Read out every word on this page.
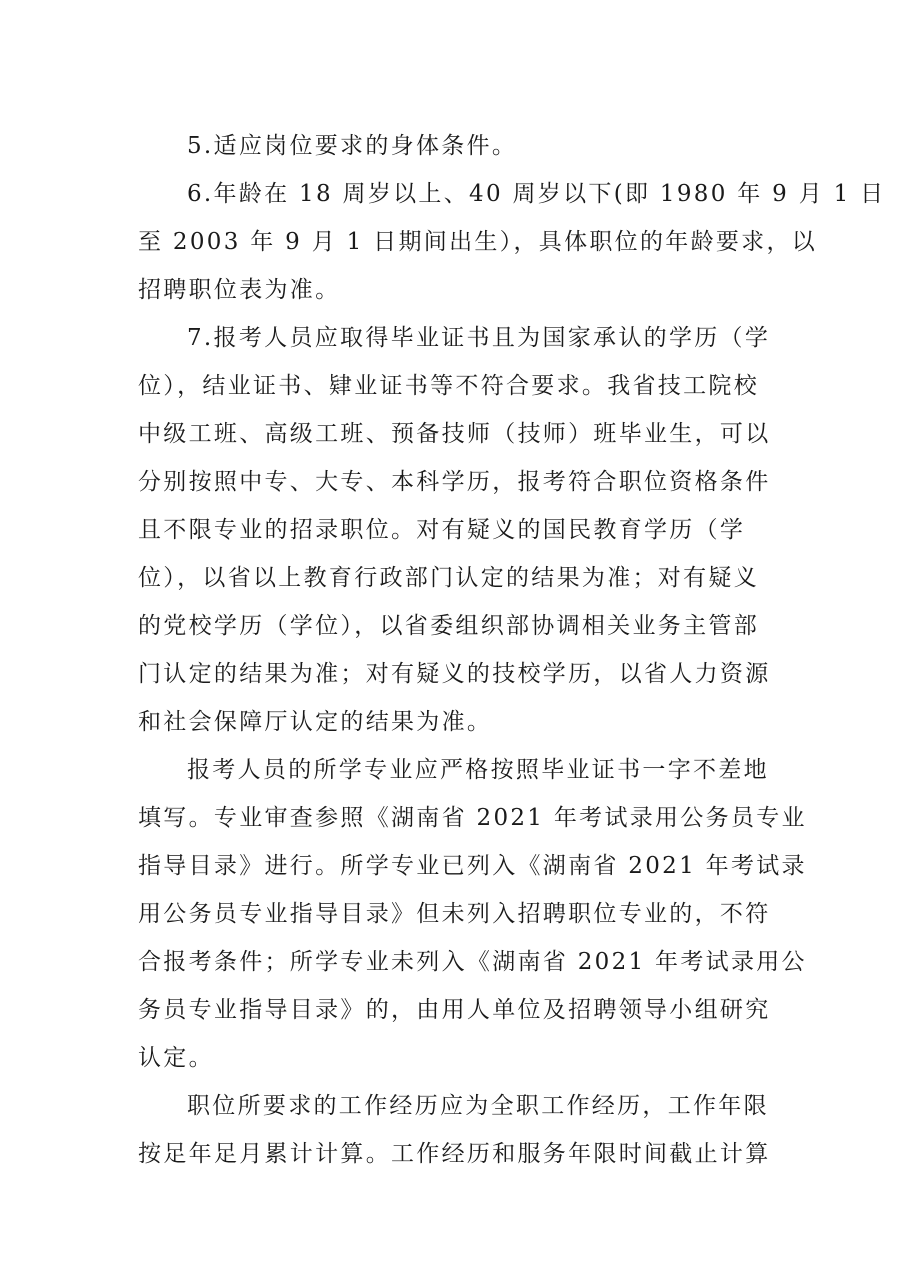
5.适应岗位要求的身体条件。
6.年龄在 18 周岁以上、40 周岁以下(即 1980 年 9 月 1 日
至 2003 年 9 月 1 日期间出生），具体职位的年龄要求，以
招聘职位表为准。
7.报考人员应取得毕业证书且为国家承认的学历（学
位），结业证书、肄业证书等不符合要求。我省技工院校
中级工班、高级工班、预备技师（技师）班毕业生，可以
分别按照中专、大专、本科学历，报考符合职位资格条件
且不限专业的招录职位。对有疑义的国民教育学历（学
位），以省以上教育行政部门认定的结果为准；对有疑义
的党校学历（学位），以省委组织部协调相关业务主管部
门认定的结果为准；对有疑义的技校学历，以省人力资源
和社会保障厅认定的结果为准。
报考人员的所学专业应严格按照毕业证书一字不差地
填写。专业审查参照《湖南省 2021 年考试录用公务员专业
指导目录》进行。所学专业已列入《湖南省 2021 年考试录
用公务员专业指导目录》但未列入招聘职位专业的，不符
合报考条件；所学专业未列入《湖南省 2021 年考试录用公
务员专业指导目录》的，由用人单位及招聘领导小组研究
认定。
职位所要求的工作经历应为全职工作经历，工作年限
按足年足月累计计算。工作经历和服务年限时间截止计算
